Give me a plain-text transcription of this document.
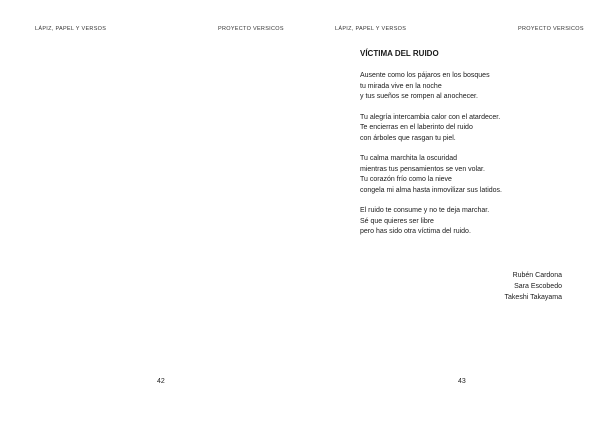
LÁPIZ, PAPEL Y VERSOS	PROYECTO VERSICOS
42
LÁPIZ, PAPEL Y VERSOS	PROYECTO VERSICOS
VÍCTIMA DEL RUIDO
Ausente como los pájaros en los bosques
tu mirada vive en la noche
y tus sueños se rompen al anochecer.
Tu alegría intercambia calor con el atardecer.
Te encierras en el laberinto del ruido
con árboles que rasgan tu piel.
Tu calma marchita la oscuridad
mientras tus pensamientos se ven volar.
Tu corazón frío como la nieve
congela mi alma hasta inmovilizar sus latidos.
El ruido te consume y no te deja marchar.
Sé que quieres ser libre
pero has sido otra víctima del ruido.
Rubén Cardona
Sara Escobedo
Takeshi Takayama
43
